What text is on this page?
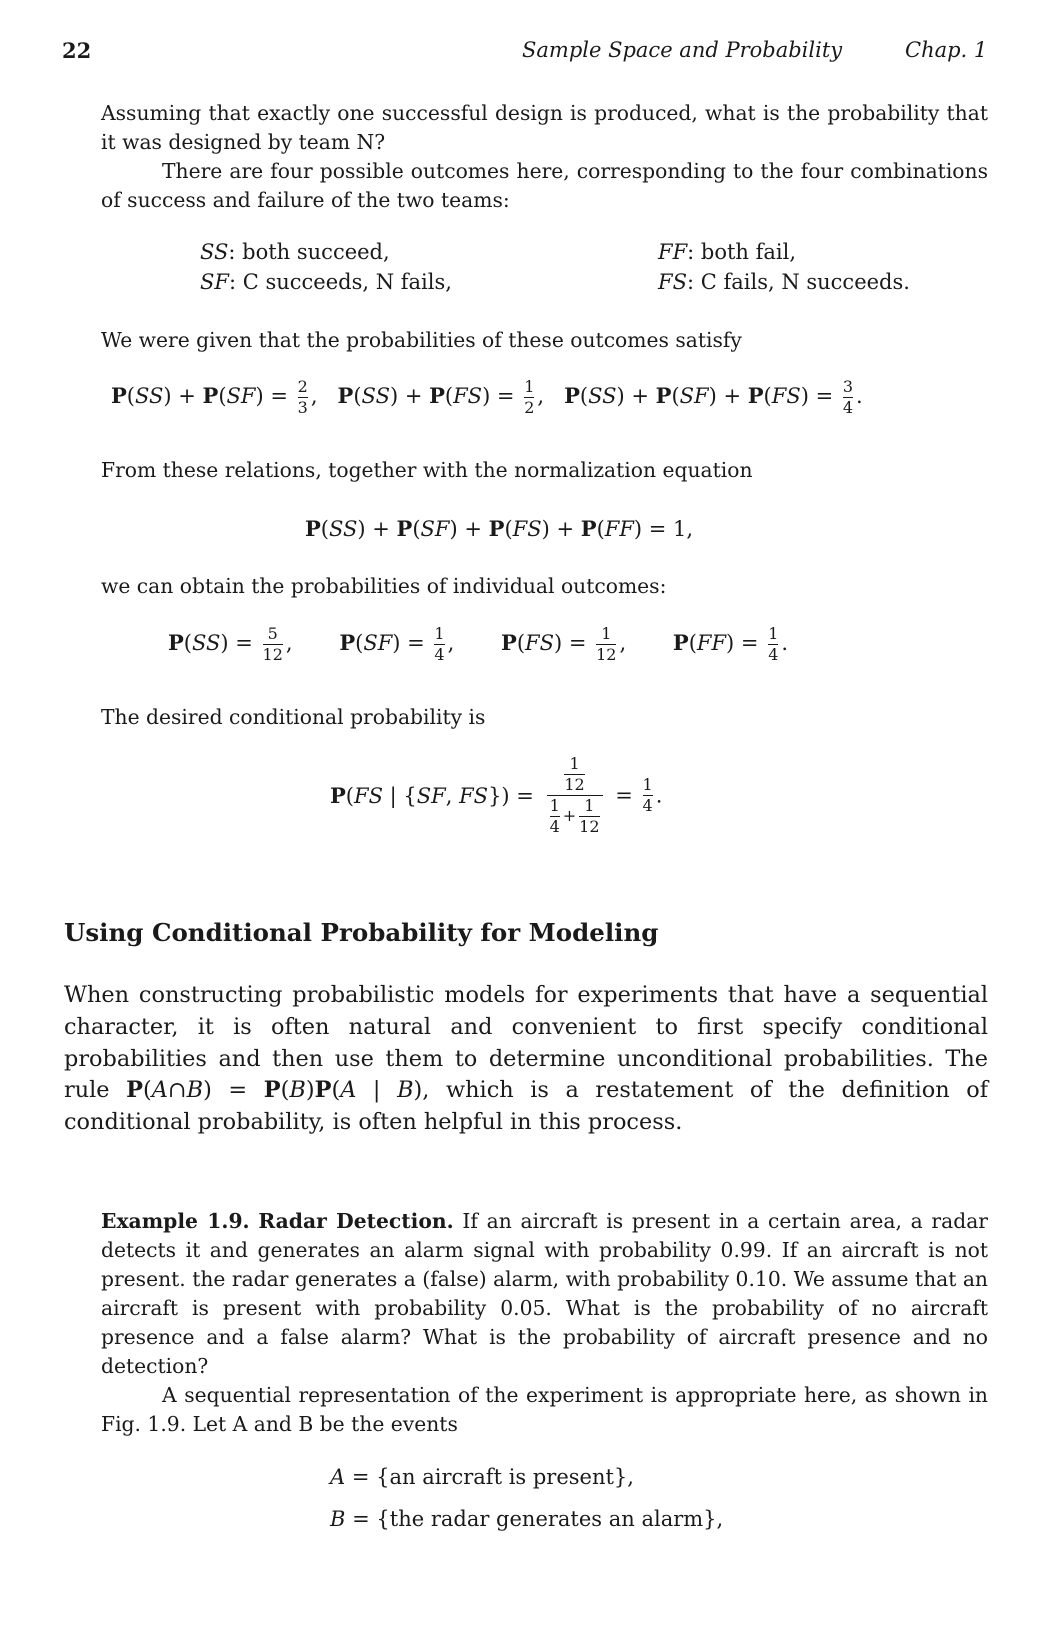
22	Sample Space and Probability	Chap. 1
Assuming that exactly one successful design is produced, what is the probability that it was designed by team N?
There are four possible outcomes here, corresponding to the four combinations of success and failure of the two teams:
SS: both succeed,
SF: C succeeds, N fails,
FF: both fail,
FS: C fails, N succeeds.
We were given that the probabilities of these outcomes satisfy
$P(SS) + P(SF) = \frac{2}{3}$ ,   $P(SS) + P(FS) = \frac{1}{2}$ ,   $P(SS) + P(SF) + P(FS) = \frac{3}{4}$ .
From these relations, together with the normalization equation
P(SS) + P(SF) + P(FS) + P(FF) = 1,
we can obtain the probabilities of individual outcomes:
$P(SS) = \frac{5}{12}$ ,       $P(SF) = \frac{1}{4}$ ,       $P(FS) = \frac{1}{12}$ ,       $P(FF) = \frac{1}{4}$ .
The desired conditional probability is
P(FS | {SF, $FS\}) = \frac{\frac{1}{12}}{\frac{1}{4} + \frac{1}{12}} = \frac{1}{4}$ .
Using Conditional Probability for Modeling
When constructing probabilistic models for experiments that have a sequential character, it is often natural and convenient to first specify conditional probabilities and then use them to determine unconditional probabilities. The rule P(A∩B) = P(B)P(A | B), which is a restatement of the definition of conditional probability, is often helpful in this process.
Example 1.9. Radar Detection. If an aircraft is present in a certain area, a radar detects it and generates an alarm signal with probability 0.99. If an aircraft is not present. the radar generates a (false) alarm, with probability 0.10. We assume that an aircraft is present with probability 0.05. What is the probability of no aircraft presence and a false alarm? What is the probability of aircraft presence and no detection?
A sequential representation of the experiment is appropriate here, as shown in Fig. 1.9. Let A and B be the events
A = {an aircraft is present},
B = {the radar generates an alarm},
